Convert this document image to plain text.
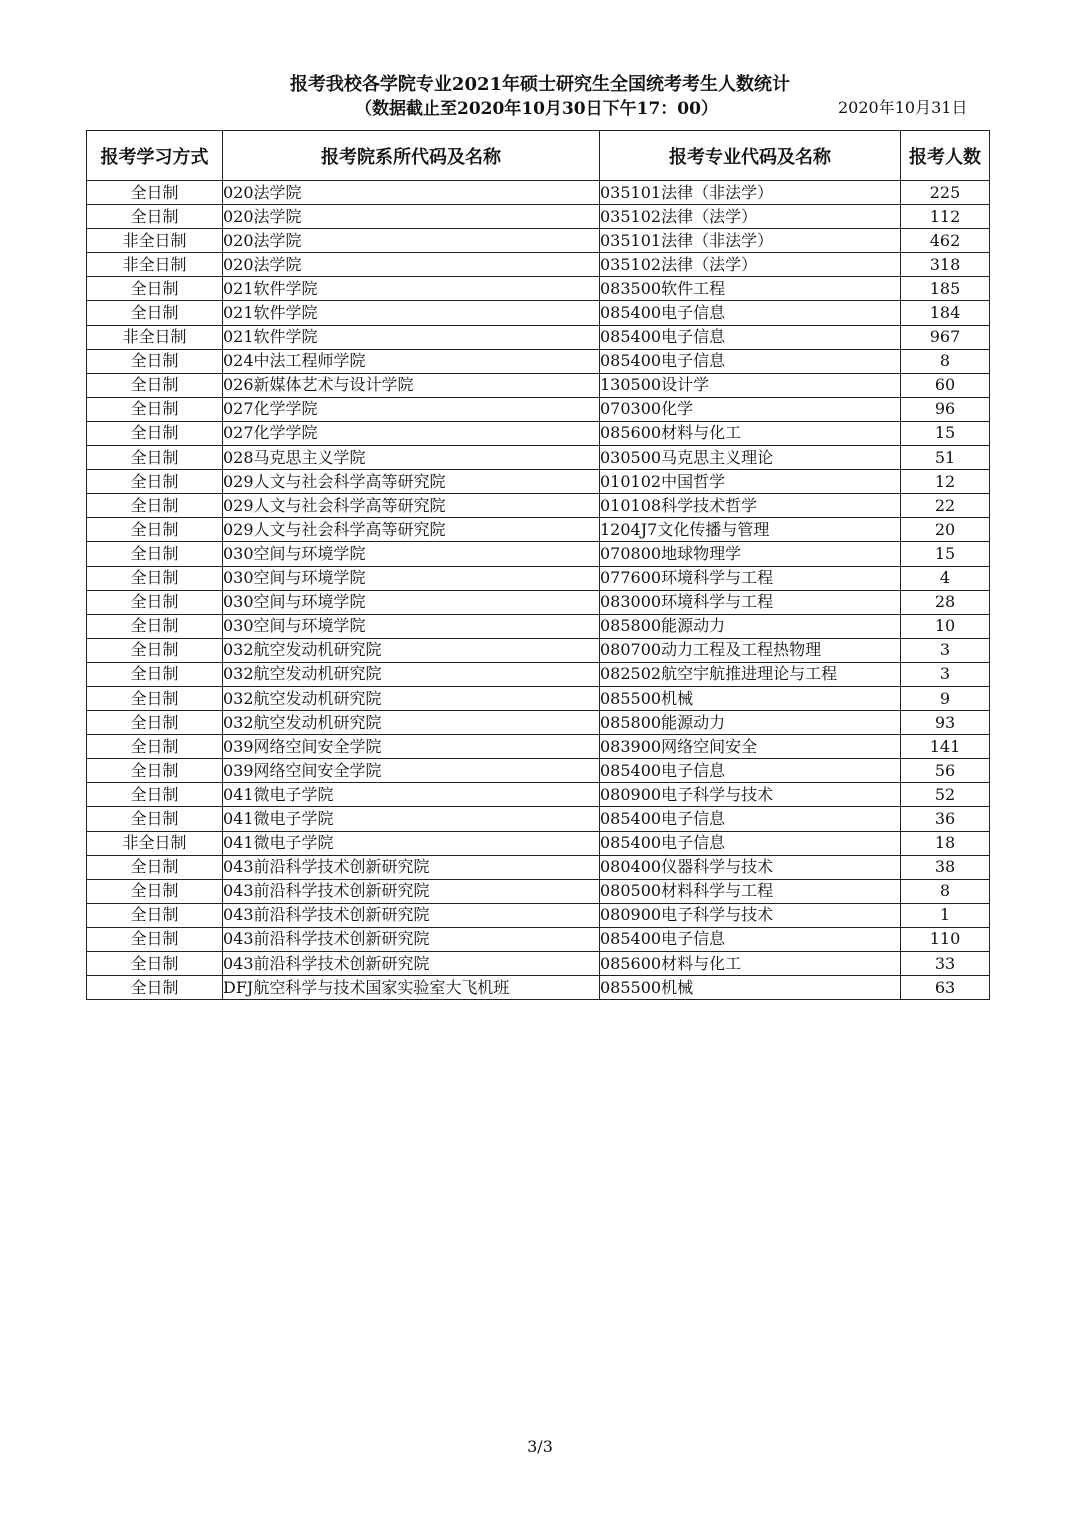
报考我校各学院专业2021年硕士研究生全国统考考生人数统计
（数据截止至2020年10月30日下午17：00）	2020年10月31日
报考学习方式	报考院系所代码及名称	报考专业代码及名称	报考人数
全日制	020法学院	035101法律（非法学）	225
全日制	020法学院	035102法律（法学）	112
非全日制	020法学院	035101法律（非法学）	462
非全日制	020法学院	035102法律（法学）	318
全日制	021软件学院	083500软件工程	185
全日制	021软件学院	085400电子信息	184
非全日制	021软件学院	085400电子信息	967
全日制	024中法工程师学院	085400电子信息	8
全日制	026新媒体艺术与设计学院	130500设计学	60
全日制	027化学学院	070300化学	96
全日制	027化学学院	085600材料与化工	15
全日制	028马克思主义学院	030500马克思主义理论	51
全日制	029人文与社会科学高等研究院	010102中国哲学	12
全日制	029人文与社会科学高等研究院	010108科学技术哲学	22
全日制	029人文与社会科学高等研究院	1204J7文化传播与管理	20
全日制	030空间与环境学院	070800地球物理学	15
全日制	030空间与环境学院	077600环境科学与工程	4
全日制	030空间与环境学院	083000环境科学与工程	28
全日制	030空间与环境学院	085800能源动力	10
全日制	032航空发动机研究院	080700动力工程及工程热物理	3
全日制	032航空发动机研究院	082502航空宇航推进理论与工程	3
全日制	032航空发动机研究院	085500机械	9
全日制	032航空发动机研究院	085800能源动力	93
全日制	039网络空间安全学院	083900网络空间安全	141
全日制	039网络空间安全学院	085400电子信息	56
全日制	041微电子学院	080900电子科学与技术	52
全日制	041微电子学院	085400电子信息	36
非全日制	041微电子学院	085400电子信息	18
全日制	043前沿科学技术创新研究院	080400仪器科学与技术	38
全日制	043前沿科学技术创新研究院	080500材料科学与工程	8
全日制	043前沿科学技术创新研究院	080900电子科学与技术	1
全日制	043前沿科学技术创新研究院	085400电子信息	110
全日制	043前沿科学技术创新研究院	085600材料与化工	33
全日制	DFJ航空科学与技术国家实验室大飞机班	085500机械	63
3/3
